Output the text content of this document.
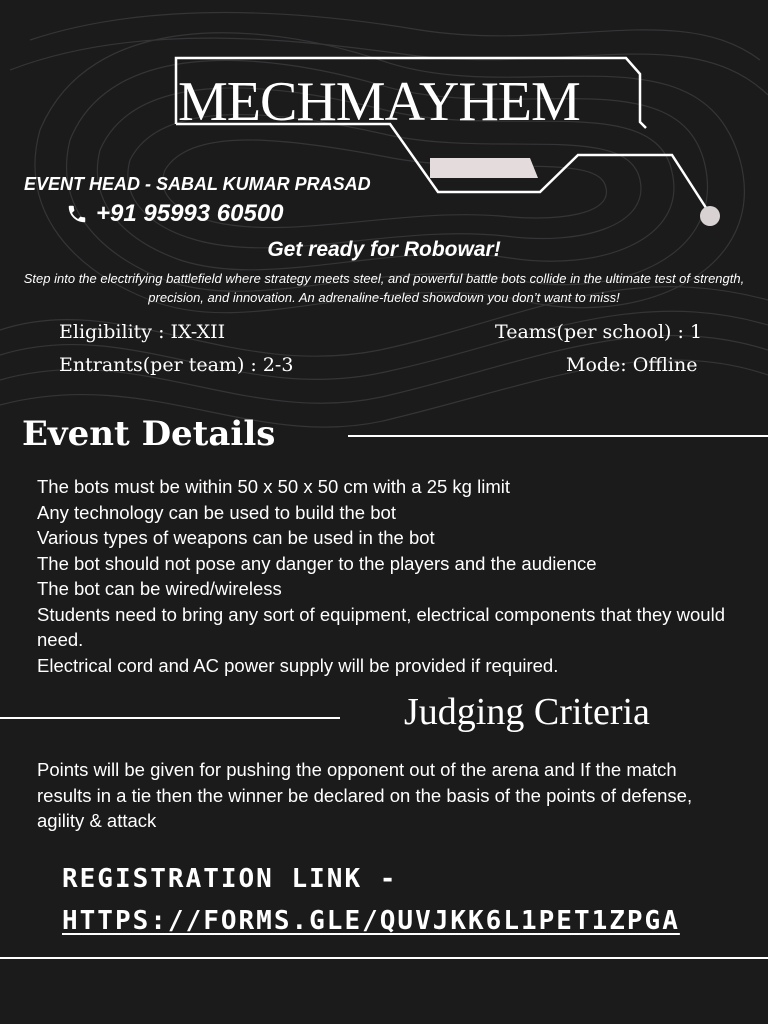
MECHMAYHEM
EVENT HEAD - SABAL KUMAR PRASAD
+91 95993 60500
Get ready for Robowar!
Step into the electrifying battlefield where strategy meets steel, and powerful battle bots collide in the ultimate test of strength, precision, and innovation. An adrenaline-fueled showdown you don’t want to miss!
Eligibility : IX-XII	Teams(per school) : 1
Entrants(per team) : 2-3	Mode: Offline
Event Details
The bots must be within 50 x 50 x 50 cm with a 25 kg limit
Any technology can be used to build the bot
Various types of weapons can be used in the bot
The bot should not pose any danger to the players and the audience
The bot can be wired/wireless
Students need to bring any sort of equipment, electrical components that they would need.
Electrical cord and AC power supply will be provided if required.
Judging Criteria
Points will be given for pushing the opponent out of the arena and If the match results in a tie then the winner be declared on the basis of the points of defense, agility & attack
REGISTRATION LINK -
HTTPS://FORMS.GLE/QUVJKK6L1PET1ZPGA
